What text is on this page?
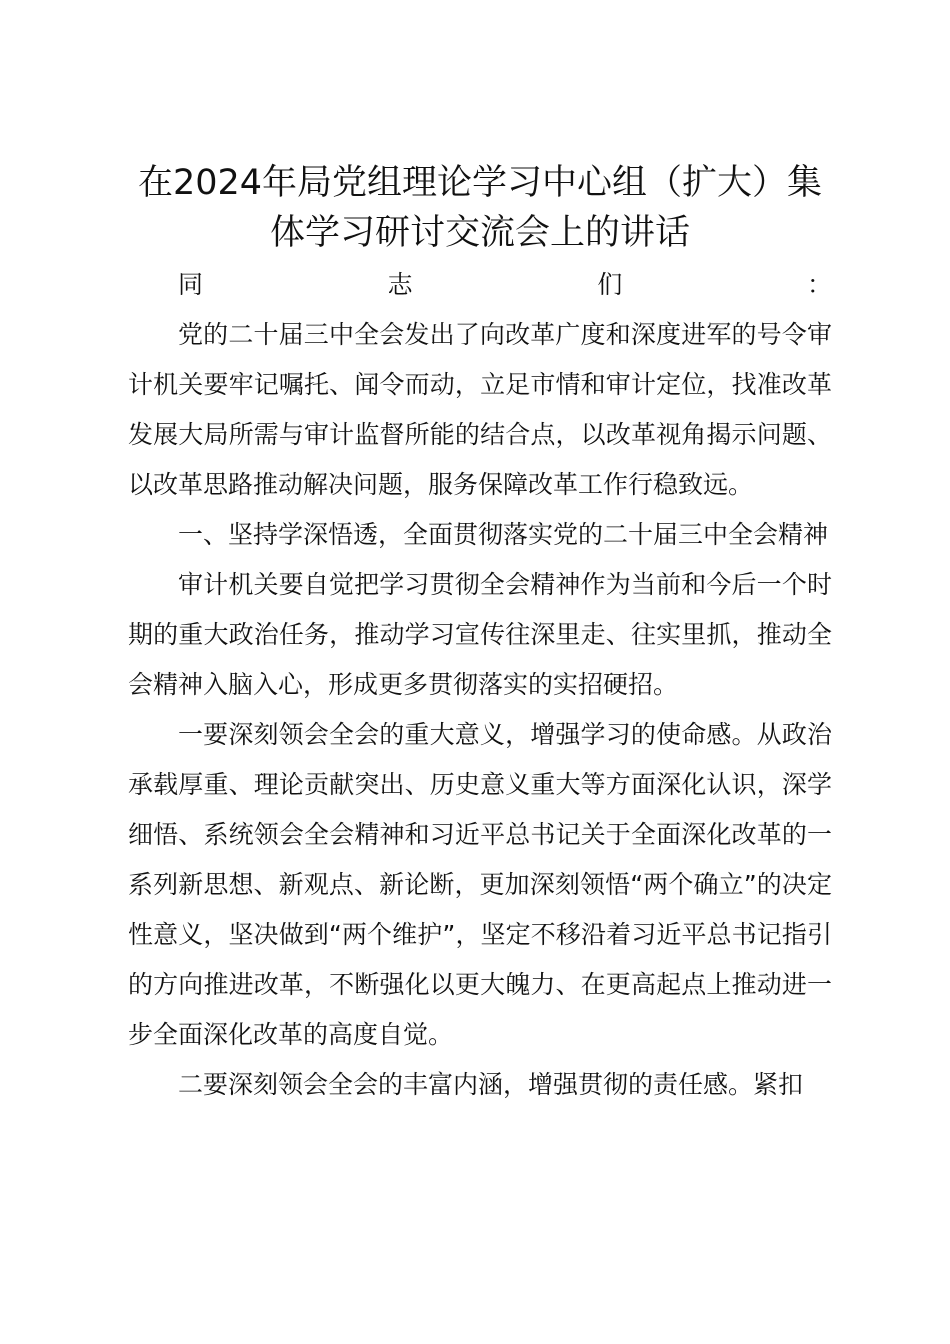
在2024年局党组理论学习中心组（扩大）集体学习研讨交流会上的讲话

同志们：

党的二十届三中全会发出了向改革广度和深度进军的号令审计机关要牢记嘱托、闻令而动，立足市情和审计定位，找准改革发展大局所需与审计监督所能的结合点，以改革视角揭示问题、以改革思路推动解决问题，服务保障改革工作行稳致远。

一、坚持学深悟透，全面贯彻落实党的二十届三中全会精神

审计机关要自觉把学习贯彻全会精神作为当前和今后一个时期的重大政治任务，推动学习宣传往深里走、往实里抓，推动全会精神入脑入心，形成更多贯彻落实的实招硬招。

一要深刻领会全会的重大意义，增强学习的使命感。从政治承载厚重、理论贡献突出、历史意义重大等方面深化认识，深学细悟、系统领会全会精神和习近平总书记关于全面深化改革的一系列新思想、新观点、新论断，更加深刻领悟“两个确立”的决定性意义，坚决做到“两个维护”，坚定不移沿着习近平总书记指引的方向推进改革，不断强化以更大魄力、在更高起点上推动进一步全面深化改革的高度自觉。

二要深刻领会全会的丰富内涵，增强贯彻的责任感。紧扣
